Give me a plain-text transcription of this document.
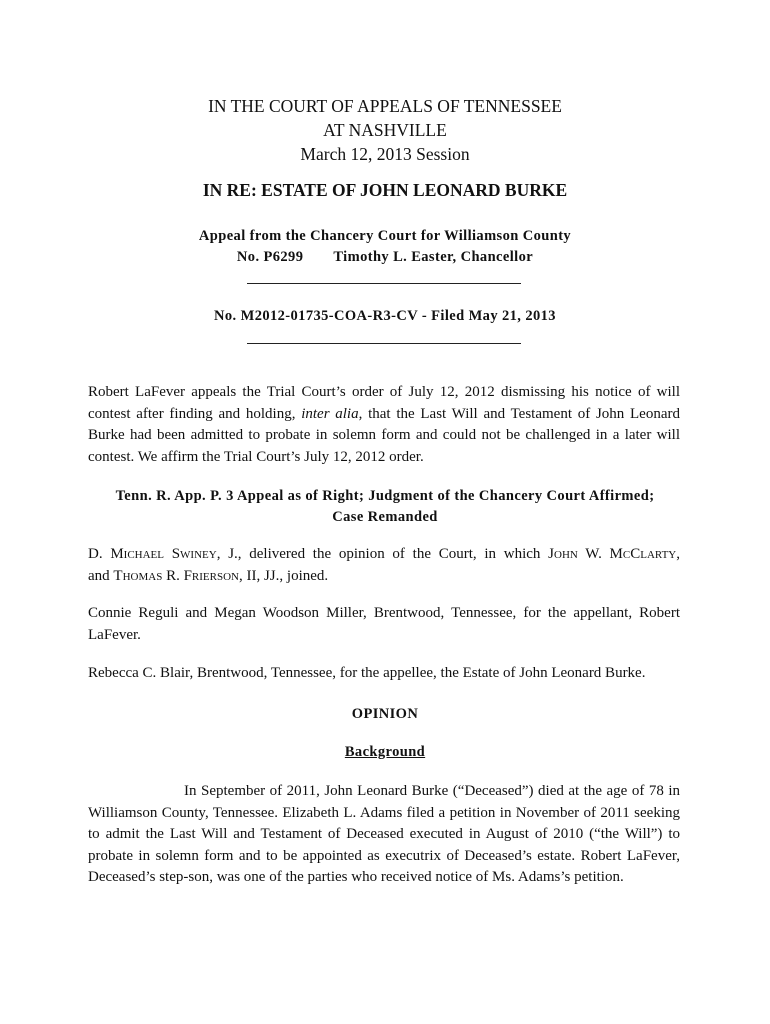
IN THE COURT OF APPEALS OF TENNESSEE
AT NASHVILLE
March 12, 2013 Session
IN RE: ESTATE OF JOHN LEONARD BURKE
Appeal from the Chancery Court for Williamson County
No. P6299 Timothy L. Easter, Chancellor
No. M2012-01735-COA-R3-CV - Filed May 21, 2013
Robert LaFever appeals the Trial Court’s order of July 12, 2012 dismissing his notice of will contest after finding and holding, inter alia, that the Last Will and Testament of John Leonard Burke had been admitted to probate in solemn form and could not be challenged in a later will contest. We affirm the Trial Court’s July 12, 2012 order.
Tenn. R. App. P. 3 Appeal as of Right; Judgment of the Chancery Court Affirmed;
Case Remanded
D. Michael Swiney, J., delivered the opinion of the Court, in which John W. McClarty,
and Thomas R. Frierson, II, JJ., joined.
Connie Reguli and Megan Woodson Miller, Brentwood, Tennessee, for the appellant, Robert LaFever.
Rebecca C. Blair, Brentwood, Tennessee, for the appellee, the Estate of John Leonard Burke.
OPINION
Background
In September of 2011, John Leonard Burke (“Deceased”) died at the age of 78 in Williamson County, Tennessee. Elizabeth L. Adams filed a petition in November of 2011 seeking to admit the Last Will and Testament of Deceased executed in August of 2010 (“the Will”) to probate in solemn form and to be appointed as executrix of Deceased’s estate. Robert LaFever, Deceased’s step-son, was one of the parties who received notice of Ms. Adams’s petition.
